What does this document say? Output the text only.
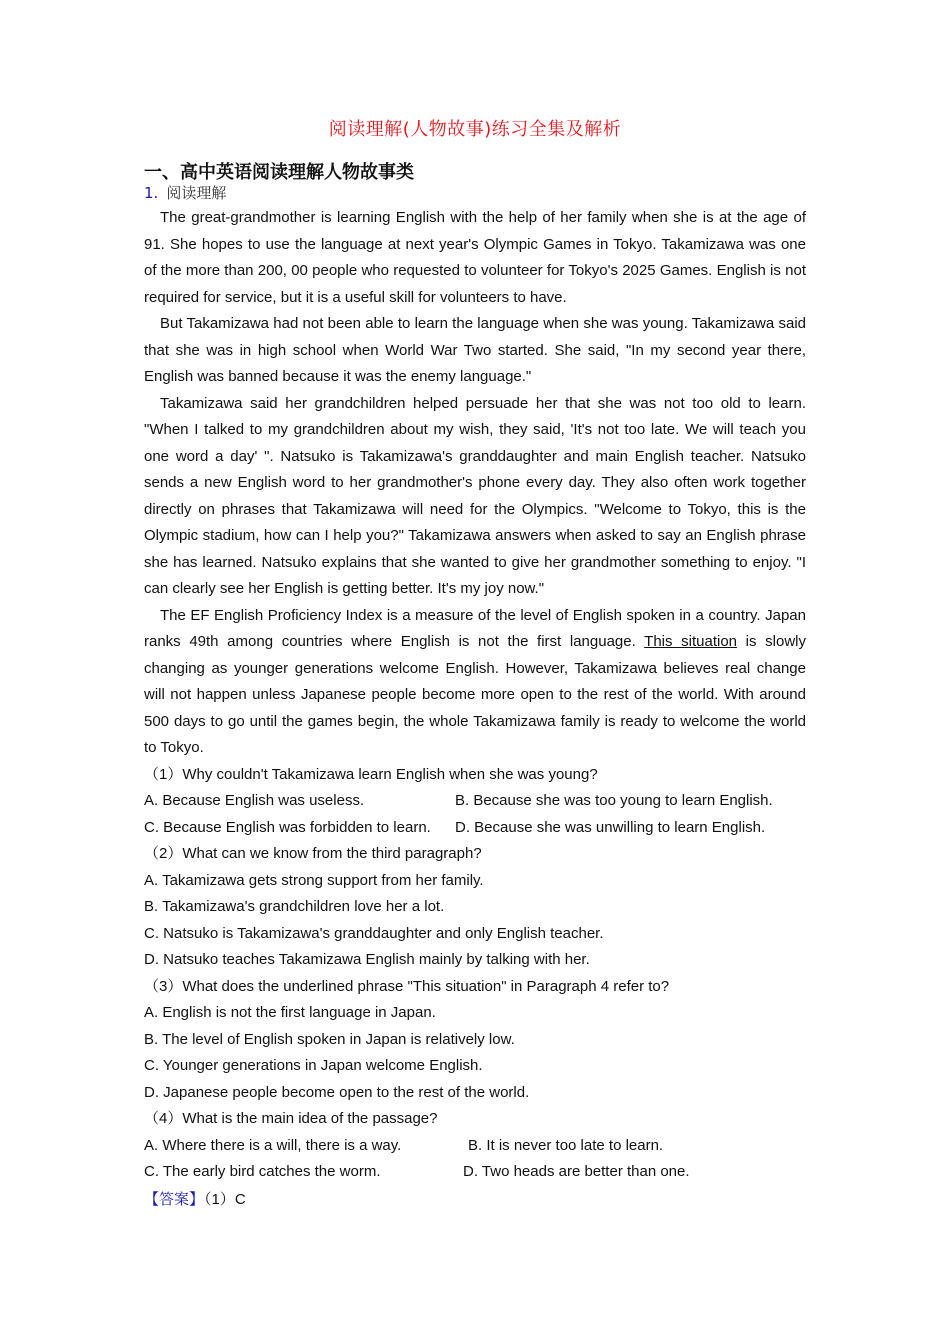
阅读理解(人物故事)练习全集及解析
一、高中英语阅读理解人物故事类
1. 阅读理解

The great-grandmother is learning English with the help of her family when she is at the age of 91. She hopes to use the language at next year's Olympic Games in Tokyo. Takamizawa was one of the more than 200, 00 people who requested to volunteer for Tokyo's 2025 Games. English is not required for service, but it is a useful skill for volunteers to have.

But Takamizawa had not been able to learn the language when she was young. Takamizawa said that she was in high school when World War Two started. She said, "In my second year there, English was banned because it was the enemy language."

Takamizawa said her grandchildren helped persuade her that she was not too old to learn. "When I talked to my grandchildren about my wish, they said, 'It's not too late. We will teach you one word a day' ". Natsuko is Takamizawa's granddaughter and main English teacher. Natsuko sends a new English word to her grandmother's phone every day. They also often work together directly on phrases that Takamizawa will need for the Olympics. "Welcome to Tokyo, this is the Olympic stadium, how can I help you?" Takamizawa answers when asked to say an English phrase she has learned. Natsuko explains that she wanted to give her grandmother something to enjoy. "I can clearly see her English is getting better. It's my joy now."

The EF English Proficiency Index is a measure of the level of English spoken in a country. Japan ranks 49th among countries where English is not the first language. This situation is slowly changing as younger generations welcome English. However, Takamizawa believes real change will not happen unless Japanese people become more open to the rest of the world. With around 500 days to go until the games begin, the whole Takamizawa family is ready to welcome the world to Tokyo.

（1）Why couldn't Takamizawa learn English when she was young?
A. Because English was useless.	B. Because she was too young to learn English.
C. Because English was forbidden to learn.	D. Because she was unwilling to learn English.
（2）What can we know from the third paragraph?
A. Takamizawa gets strong support from her family.
B. Takamizawa's grandchildren love her a lot.
C. Natsuko is Takamizawa's granddaughter and only English teacher.
D. Natsuko teaches Takamizawa English mainly by talking with her.
（3）What does the underlined phrase "This situation" in Paragraph 4 refer to?
A. English is not the first language in Japan.
B. The level of English spoken in Japan is relatively low.
C. Younger generations in Japan welcome English.
D. Japanese people become open to the rest of the world.
（4）What is the main idea of the passage?
A. Where there is a will, there is a way.	B. It is never too late to learn.
C. The early bird catches the worm.	D. Two heads are better than one.
【答案】（1）C
